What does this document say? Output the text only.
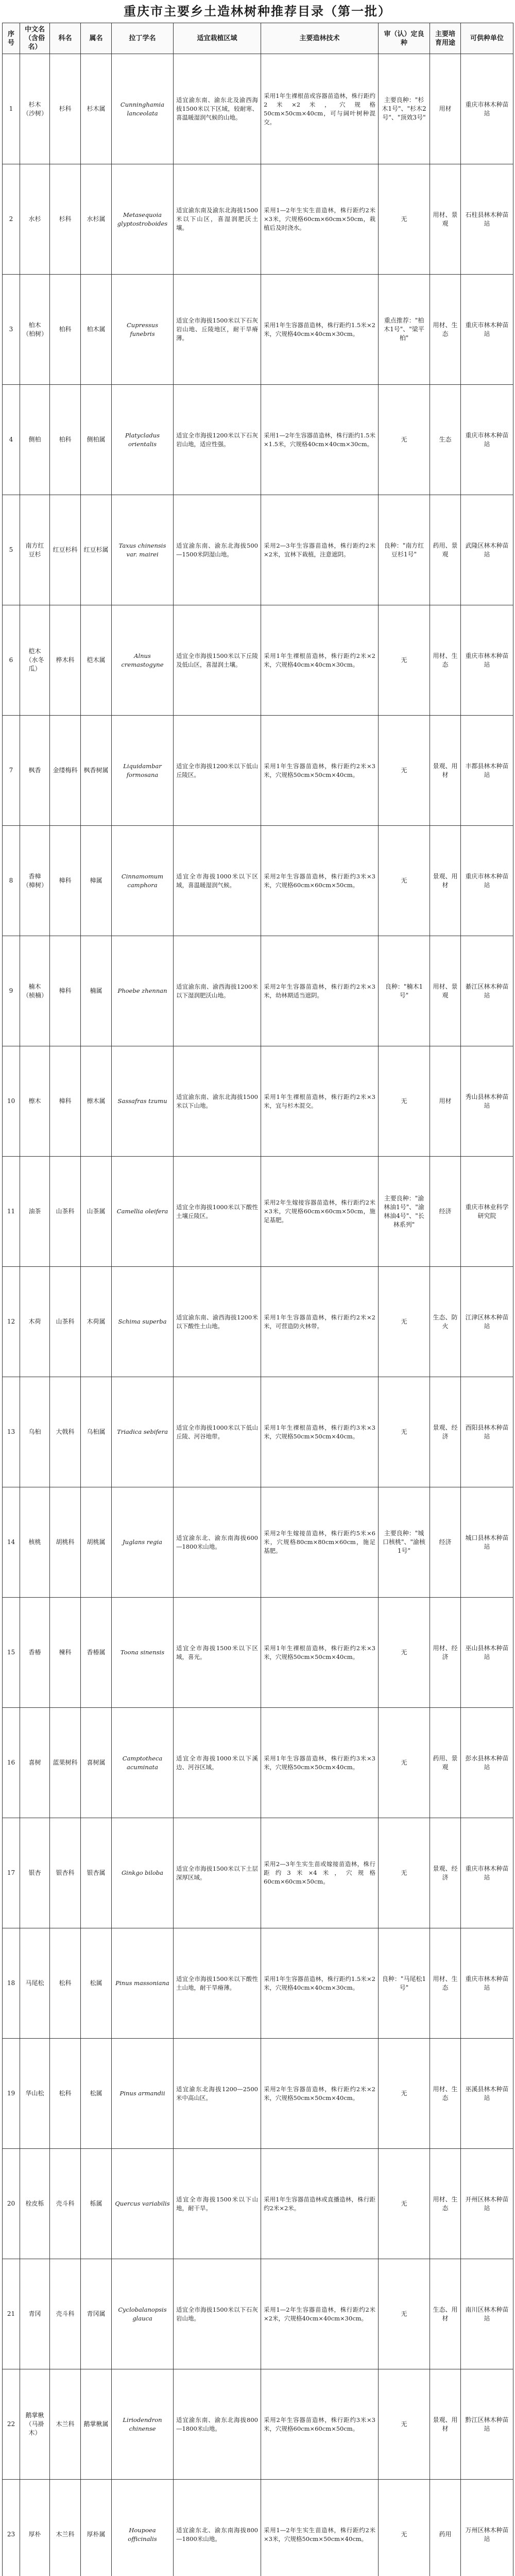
重庆市主要乡土造林树种推荐目录（第一批）
序号	中文名（含俗名）	科名	属名	拉丁学名	适宜栽植区域	主要造林技术	审（认）定良种	主要培育用途	可供种单位
1	杉木（沙树）	杉科	杉木属	Cunninghamia lanceolata	适宜渝东南、渝东北及渝西海拔1500米以下区域，较耐寒、喜温暖湿润气候的山地。	采用1年生裸根苗或容器苗造林，株行距约2米×2米，穴规格50cm×50cm×40cm，可与阔叶树种混交。	主要良种："杉木1号"、"杉木2号"、"顶效3号"	用材	重庆市林木种苗站
2	水杉	杉科	水杉属	Metasequoia glyptostroboides	适宜渝东南及渝东北海拔1500米以下山区，喜湿润肥沃土壤。	采用1—2年生实生苗造林，株行距约2米×3米，穴规格60cm×60cm×50cm，栽植后及时浇水。	无	用材、景观	石柱县林木种苗站
3	柏木（柏树）	柏科	柏木属	Cupressus funebris	适宜全市海拔1500米以下石灰岩山地、丘陵地区，耐干旱瘠薄。	采用1年生容器苗造林，株行距约1.5米×2米，穴规格40cm×40cm×30cm。	重点推荐："柏木1号"、"梁平柏"	用材、生态	重庆市林木种苗站
4	侧柏	柏科	侧柏属	Platycladus orientalis	适宜全市海拔1200米以下石灰岩山地，适应性强。	采用1—2年生容器苗造林，株行距约1.5米×1.5米，穴规格40cm×40cm×30cm。	无	生态	重庆市林木种苗站
5	南方红豆杉	红豆杉科	红豆杉属	Taxus chinensis var. mairei	适宜渝东南、渝东北海拔500—1500米阴湿山地。	采用2—3年生容器苗造林，株行距约2米×2米，宜林下栽植，注意遮阴。	良种："南方红豆杉1号"	药用、景观	武隆区林木种苗站
6	桤木（水冬瓜）	桦木科	桤木属	Alnus cremastogyne	适宜全市海拔1500米以下丘陵及低山区，喜湿润土壤。	采用1年生裸根苗造林，株行距约2米×2米，穴规格40cm×40cm×30cm。	无	用材、生态	重庆市林木种苗站
7	枫香	金缕梅科	枫香树属	Liquidambar formosana	适宜全市海拔1200米以下低山丘陵区。	采用1年生容器苗造林，株行距约2米×3米，穴规格50cm×50cm×40cm。	无	景观、用材	丰都县林木种苗站
8	香樟（樟树）	樟科	樟属	Cinnamomum camphora	适宜全市海拔1000米以下区域，喜温暖湿润气候。	采用2年生容器苗造林，株行距约3米×3米，穴规格60cm×60cm×50cm。	无	景观、用材	重庆市林木种苗站
9	楠木（桢楠）	樟科	楠属	Phoebe zhennan	适宜渝东南、渝西海拔1200米以下湿润肥沃山地。	采用2年生容器苗造林，株行距约2米×3米，幼林期适当遮阴。	良种："楠木1号"	用材、景观	綦江区林木种苗站
10	檫木	樟科	檫木属	Sassafras tzumu	适宜渝东南、渝东北海拔1500米以下山地。	采用1年生裸根苗造林，株行距约2米×3米，宜与杉木混交。	无	用材	秀山县林木种苗站
11	油茶	山茶科	山茶属	Camellia oleifera	适宜全市海拔1000米以下酸性土壤丘陵区。	采用2年生嫁接容器苗造林，株行距约2米×3米，穴规格60cm×60cm×50cm，施足基肥。	主要良种："渝林油1号"、"渝林油4号"、"长林系列"	经济	重庆市林业科学研究院
12	木荷	山茶科	木荷属	Schima superba	适宜渝东南、渝西海拔1200米以下酸性土山地。	采用1年生容器苗造林，株行距约2米×2米，可营造防火林带。	无	生态、防火	江津区林木种苗站
13	乌桕	大戟科	乌桕属	Triadica sebifera	适宜全市海拔1000米以下低山丘陵、河谷地带。	采用1年生裸根苗造林，株行距约3米×3米，穴规格50cm×50cm×40cm。	无	景观、经济	酉阳县林木种苗站
14	核桃	胡桃科	胡桃属	Juglans regia	适宜渝东北、渝东南海拔600—1800米山地。	采用2年生嫁接苗造林，株行距约5米×6米，穴规格80cm×80cm×60cm，施足基肥。	主要良种："城口核桃"、"渝核1号"	经济	城口县林木种苗站
15	香椿	楝科	香椿属	Toona sinensis	适宜全市海拔1500米以下区域，喜光。	采用1年生裸根苗造林，株行距约2米×3米，穴规格50cm×50cm×40cm。	无	用材、经济	巫山县林木种苗站
16	喜树	蓝果树科	喜树属	Camptotheca acuminata	适宜全市海拔1000米以下溪边、河谷区域。	采用1年生容器苗造林，株行距约3米×3米，穴规格50cm×50cm×40cm。	无	药用、景观	彭水县林木种苗站
17	银杏	银杏科	银杏属	Ginkgo biloba	适宜全市海拔1500米以下土层深厚区域。	采用2—3年生实生苗或嫁接苗造林，株行距约3米×4米，穴规格60cm×60cm×50cm。	无	景观、经济	重庆市林木种苗站
18	马尾松	松科	松属	Pinus massoniana	适宜全市海拔1500米以下酸性土山地，耐干旱瘠薄。	采用1年生容器苗造林，株行距约1.5米×2米，穴规格40cm×40cm×30cm。	良种："马尾松1号"	用材、生态	重庆市林木种苗站
19	华山松	松科	松属	Pinus armandii	适宜渝东北海拔1200—2500米中高山区。	采用2年生容器苗造林，株行距约2米×2米，穴规格50cm×50cm×40cm。	无	用材、生态	巫溪县林木种苗站
20	栓皮栎	壳斗科	栎属	Quercus variabilis	适宜全市海拔1500米以下山地，耐干旱。	采用1年生容器苗造林或直播造林，株行距约2米×2米。	无	用材、生态	开州区林木种苗站
21	青冈	壳斗科	青冈属	Cyclobalanopsis glauca	适宜全市海拔1500米以下石灰岩山地。	采用1—2年生容器苗造林，株行距约2米×2米，穴规格40cm×40cm×30cm。	无	生态、用材	南川区林木种苗站
22	鹅掌楸（马褂木）	木兰科	鹅掌楸属	Liriodendron chinense	适宜渝东南、渝东北海拔800—1800米山地。	采用2年生容器苗造林，株行距约3米×3米，穴规格60cm×60cm×50cm。	无	景观、用材	黔江区林木种苗站
23	厚朴	木兰科	厚朴属	Houpoea officinalis	适宜渝东北、渝东南海拔800—1800米山地。	采用1—2年生实生苗造林，株行距约2米×3米，穴规格50cm×50cm×40cm。	无	药用	万州区林木种苗站
